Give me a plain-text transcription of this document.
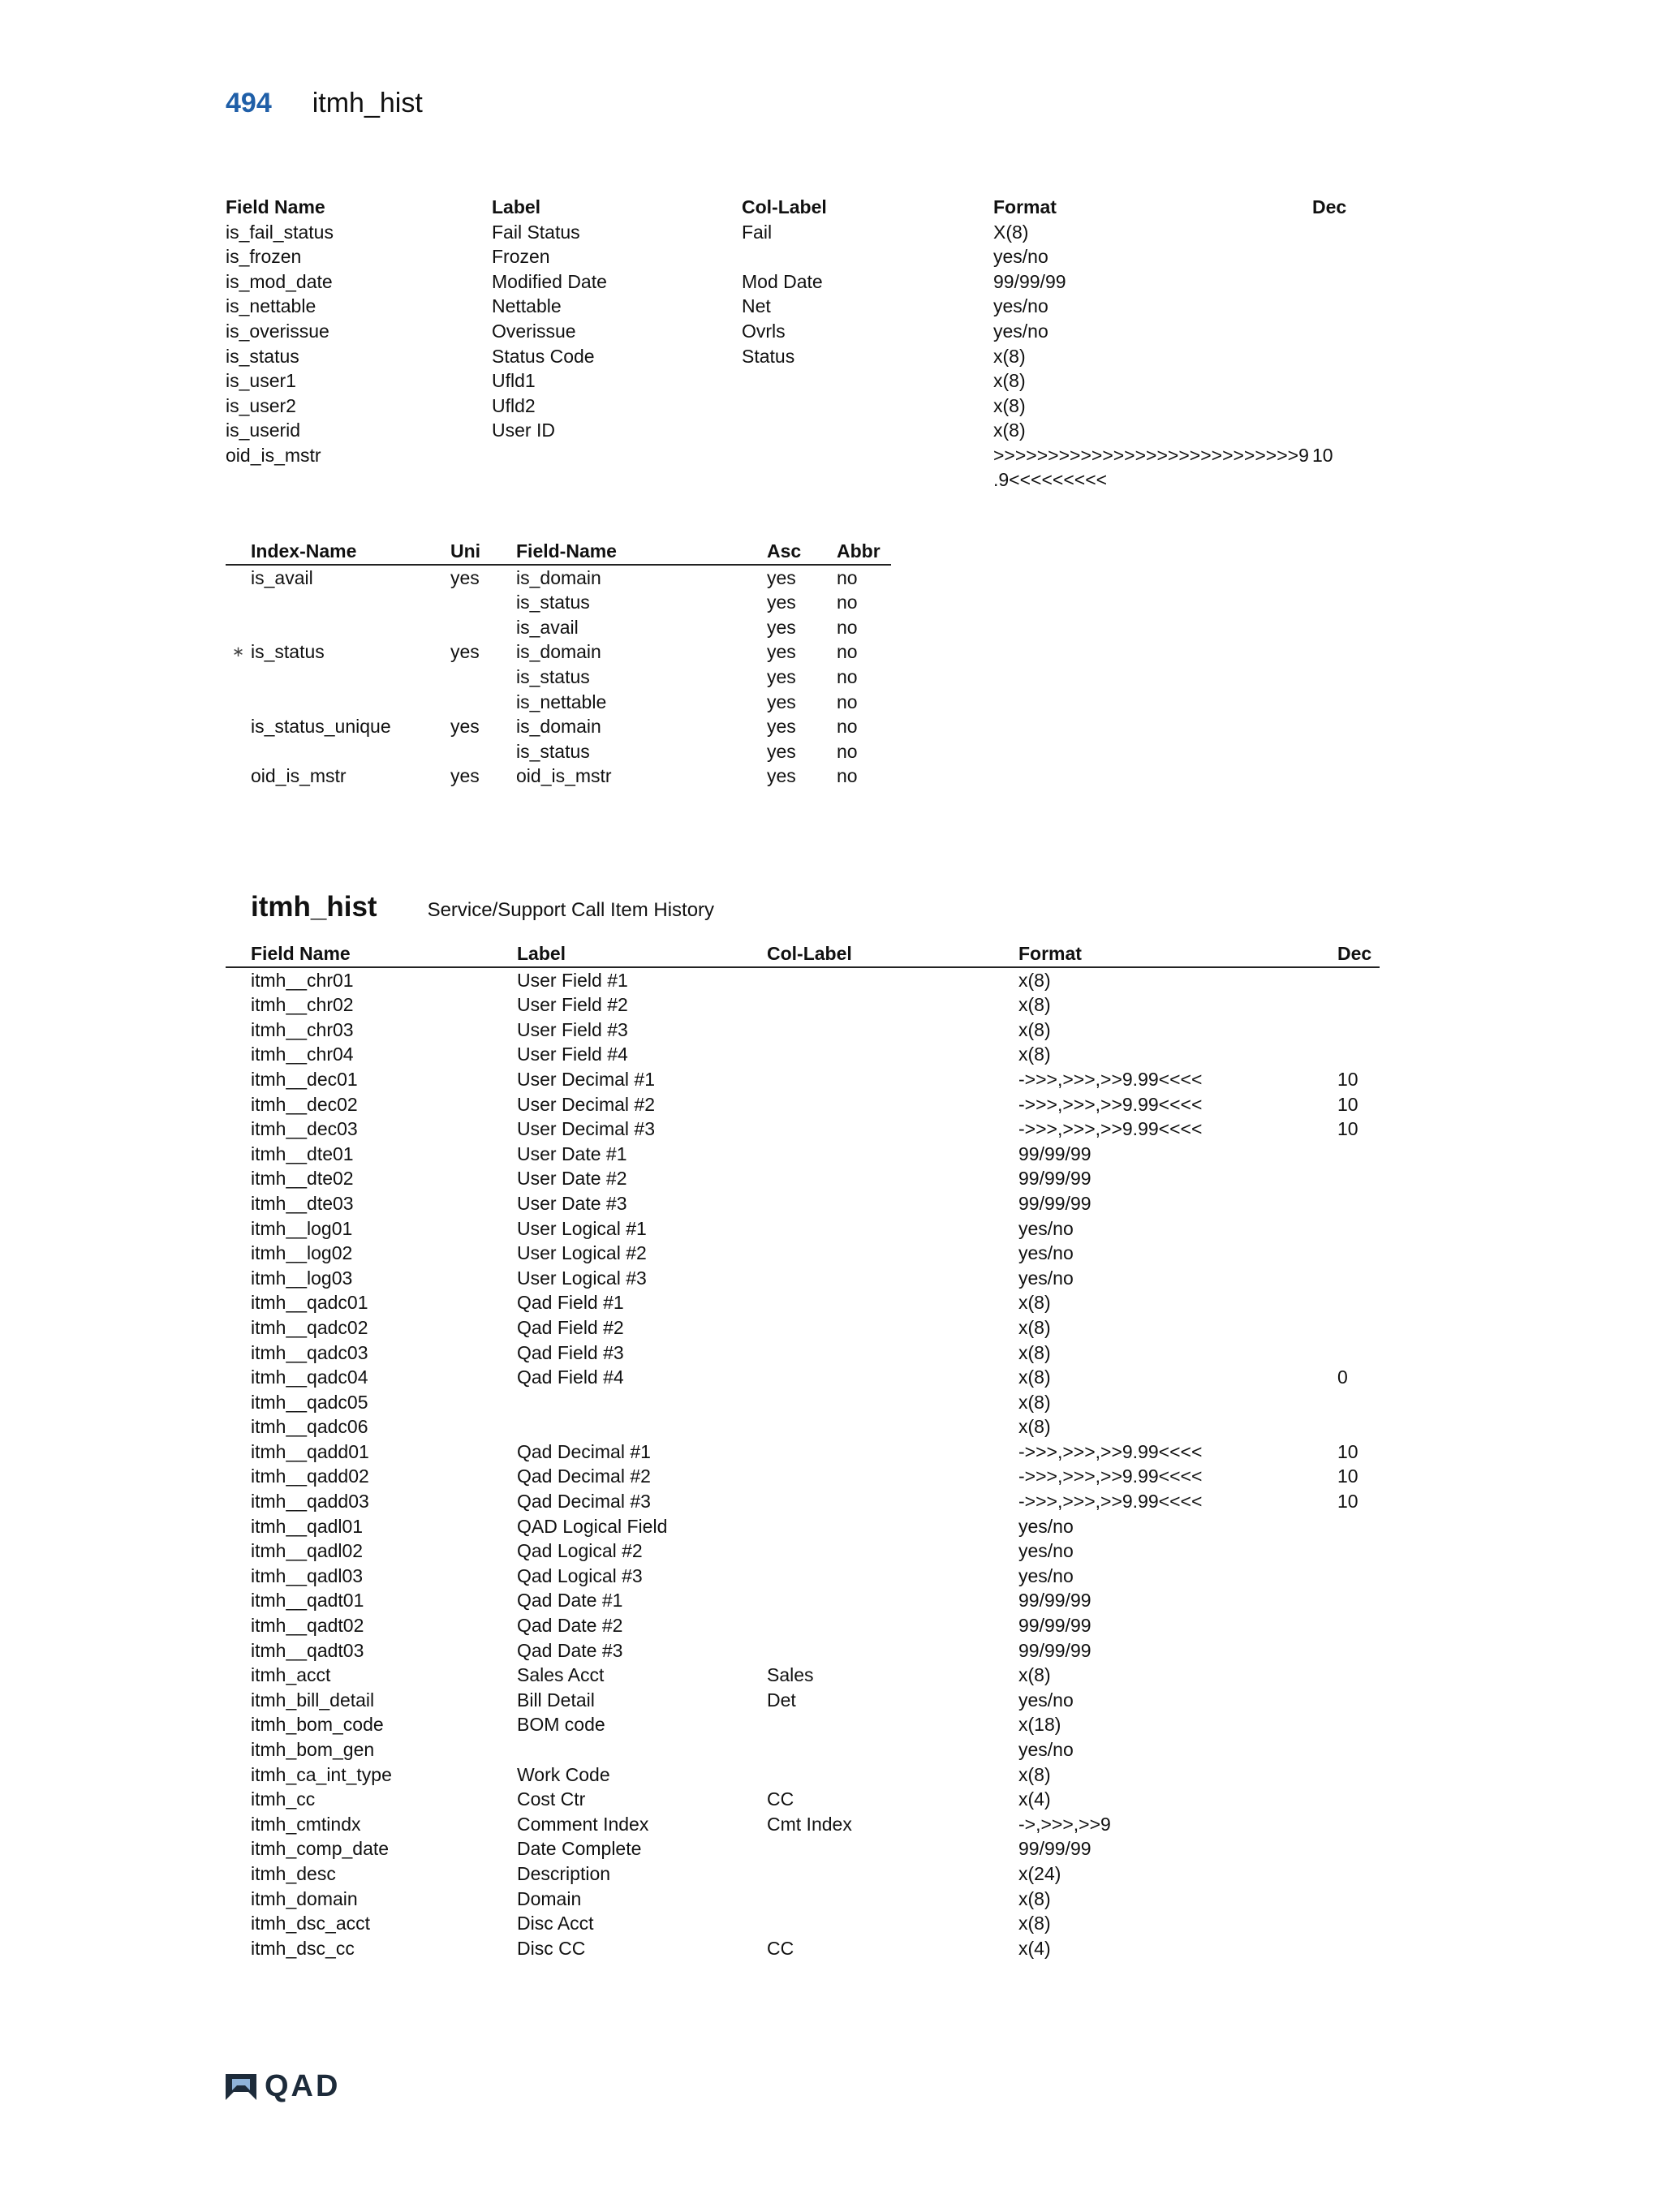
494 itmh_hist
Field Name	Label	Col-Label	Format	Dec
is_fail_status	Fail Status	Fail	X(8)	
is_frozen	Frozen		yes/no	
is_mod_date	Modified Date	Mod Date	99/99/99	
is_nettable	Nettable	Net	yes/no	
is_overissue	Overissue	Ovrls	yes/no	
is_status	Status Code	Status	x(8)	
is_user1	Ufld1		x(8)	
is_user2	Ufld2		x(8)	
is_userid	User ID		x(8)	
oid_is_mstr			>>>>>>>>>>>>>>>>>>>>>>>>>>>>9	10
			.9<<<<<<<<<	
	Index-Name	Uni	Field-Name	Asc	Abbr
	is_avail	yes	is_domain	yes	no
			is_status	yes	no
			is_avail	yes	no
∗	is_status	yes	is_domain	yes	no
			is_status	yes	no
			is_nettable	yes	no
	is_status_unique	yes	is_domain	yes	no
			is_status	yes	no
	oid_is_mstr	yes	oid_is_mstr	yes	no
itmh_hist	Service/Support Call Item History
	Field Name	Label	Col-Label	Format	Dec
	itmh__chr01	User Field #1		x(8)	
	itmh__chr02	User Field #2		x(8)	
	itmh__chr03	User Field #3		x(8)	
	itmh__chr04	User Field #4		x(8)	
	itmh__dec01	User Decimal #1		->>>,>>>,>>9.99<<<<	10
	itmh__dec02	User Decimal #2		->>>,>>>,>>9.99<<<<	10
	itmh__dec03	User Decimal #3		->>>,>>>,>>9.99<<<<	10
	itmh__dte01	User Date #1		99/99/99	
	itmh__dte02	User Date #2		99/99/99	
	itmh__dte03	User Date #3		99/99/99	
	itmh__log01	User Logical #1		yes/no	
	itmh__log02	User Logical #2		yes/no	
	itmh__log03	User Logical #3		yes/no	
	itmh__qadc01	Qad Field #1		x(8)	
	itmh__qadc02	Qad Field #2		x(8)	
	itmh__qadc03	Qad Field #3		x(8)	
	itmh__qadc04	Qad Field #4		x(8)	0
	itmh__qadc05			x(8)	
	itmh__qadc06			x(8)	
	itmh__qadd01	Qad Decimal #1		->>>,>>>,>>9.99<<<<	10
	itmh__qadd02	Qad Decimal #2		->>>,>>>,>>9.99<<<<	10
	itmh__qadd03	Qad Decimal #3		->>>,>>>,>>9.99<<<<	10
	itmh__qadl01	QAD Logical Field		yes/no	
	itmh__qadl02	Qad Logical #2		yes/no	
	itmh__qadl03	Qad Logical #3		yes/no	
	itmh__qadt01	Qad Date #1		99/99/99	
	itmh__qadt02	Qad Date #2		99/99/99	
	itmh__qadt03	Qad Date #3		99/99/99	
	itmh_acct	Sales Acct	Sales	x(8)	
	itmh_bill_detail	Bill Detail	Det	yes/no	
	itmh_bom_code	BOM code		x(18)	
	itmh_bom_gen			yes/no	
	itmh_ca_int_type	Work Code		x(8)	
	itmh_cc	Cost Ctr	CC	x(4)	
	itmh_cmtindx	Comment Index	Cmt Index	->,>>>,>>9	
	itmh_comp_date	Date Complete		99/99/99	
	itmh_desc	Description		x(24)	
	itmh_domain	Domain		x(8)	
	itmh_dsc_acct	Disc Acct		x(8)	
	itmh_dsc_cc	Disc CC	CC	x(4)	
QAD
